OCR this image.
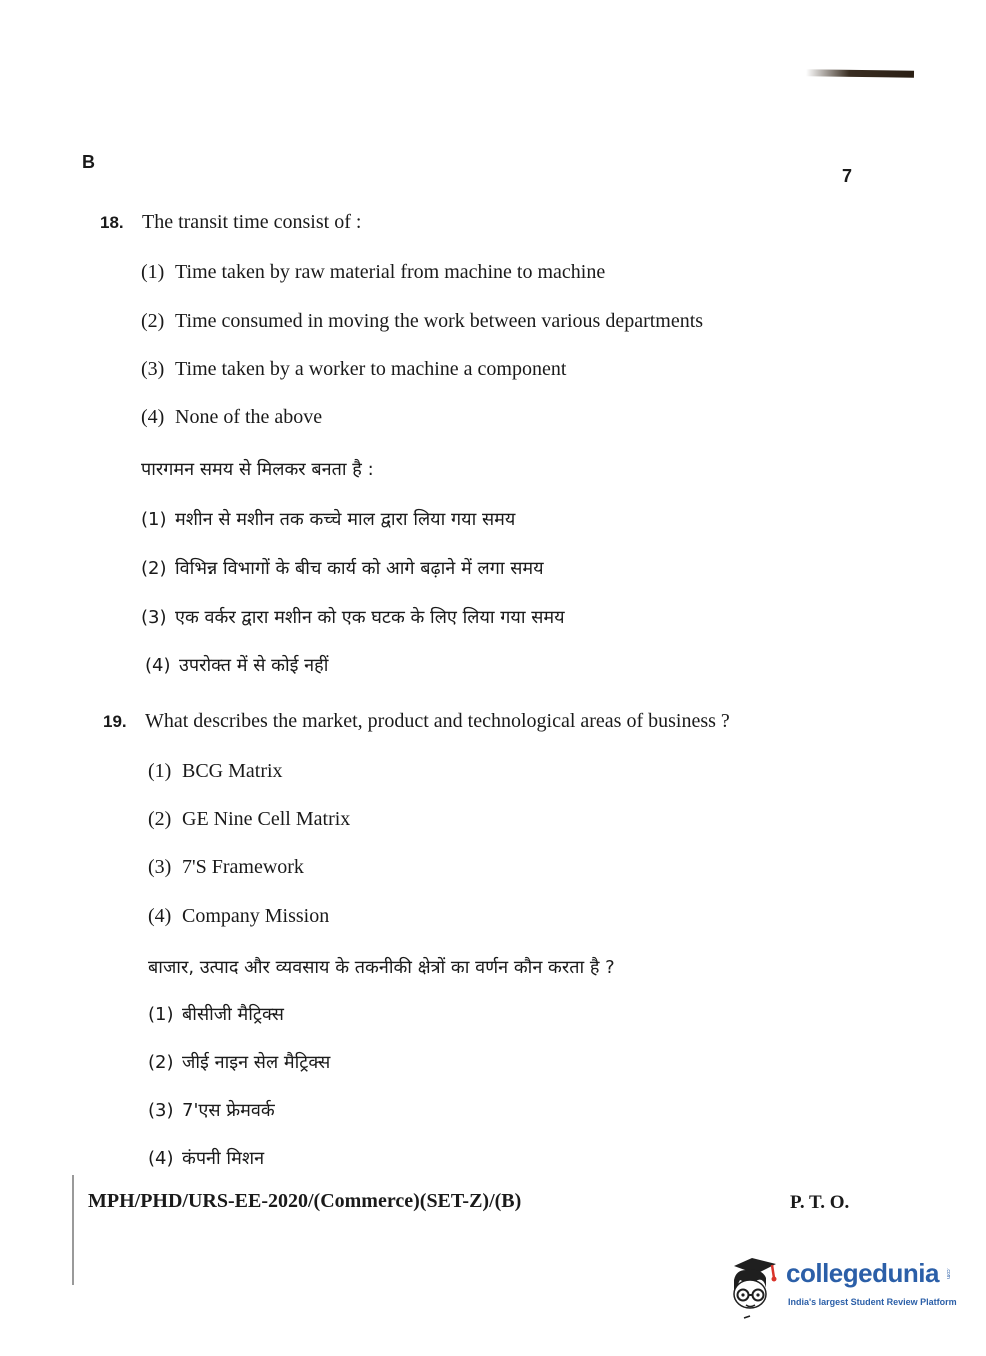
B
7
18. The transit time consist of :
(1) Time taken by raw material from machine to machine
(2) Time consumed in moving the work between various departments
(3) Time taken by a worker to machine a component
(4) None of the above
पारगमन समय से मिलकर बनता है :
(1) मशीन से मशीन तक कच्चे माल द्वारा लिया गया समय
(2) विभिन्न विभागों के बीच कार्य को आगे बढ़ाने में लगा समय
(3) एक वर्कर द्वारा मशीन को एक घटक के लिए लिया गया समय
(4) उपरोक्त में से कोई नहीं
19. What describes the market, product and technological areas of business ?
(1) BCG Matrix
(2) GE Nine Cell Matrix
(3) 7'S Framework
(4) Company Mission
बाजार, उत्पाद और व्यवसाय के तकनीकी क्षेत्रों का वर्णन कौन करता है ?
(1) बीसीजी मैट्रिक्स
(2) जीई नाइन सेल मैट्रिक्स
(3) 7'एस फ्रेमवर्क
(4) कंपनी मिशन
MPH/PHD/URS-EE-2020/(Commerce)(SET-Z)/(B)	P. T. O.
collegedunia .com
India's largest Student Review Platform
